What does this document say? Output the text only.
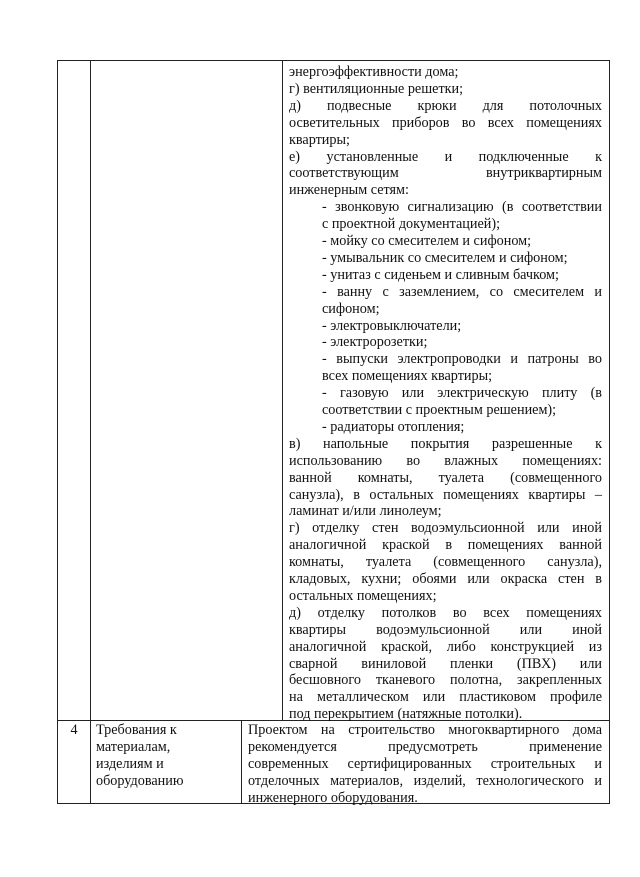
энергоэффективности дома;
г) вентиляционные решетки;
д) подвесные крюки для потолочных
осветительных приборов во всех помещениях
квартиры;
е) установленные и подключенные к
соответствующим внутриквартирным
инженерным сетям:
- звонковую сигнализацию (в соответствии
с проектной документацией);
- мойку со смесителем и сифоном;
- умывальник со смесителем и сифоном;
- унитаз с сиденьем и сливным бачком;
- ванну с заземлением, со смесителем и
сифоном;
- электровыключатели;
- электророзетки;
- выпуски электропроводки и патроны во
всех помещениях квартиры;
- газовую или электрическую плиту (в
соответствии с проектным решением);
- радиаторы отопления;
в) напольные покрытия разрешенные к
использованию во влажных помещениях:
ванной комнаты, туалета (совмещенного
санузла), в остальных помещениях квартиры –
ламинат и/или линолеум;
г) отделку стен водоэмульсионной или иной
аналогичной краской в помещениях ванной
комнаты, туалета (совмещенного санузла),
кладовых, кухни; обоями или окраска стен в
остальных помещениях;
д) отделку потолков во всех помещениях
квартиры водоэмульсионной или иной
аналогичной краской, либо конструкцией из
сварной виниловой пленки (ПВХ) или
бесшовного тканевого полотна, закрепленных
на металлическом или пластиковом профиле
под перекрытием (натяжные потолки).
4 Требования к
материалам,
изделиям и
оборудованию
Проектом на строительство многоквартирного дома
рекомендуется предусмотреть применение
современных сертифицированных строительных и
отделочных материалов, изделий, технологического и
инженерного оборудования.
